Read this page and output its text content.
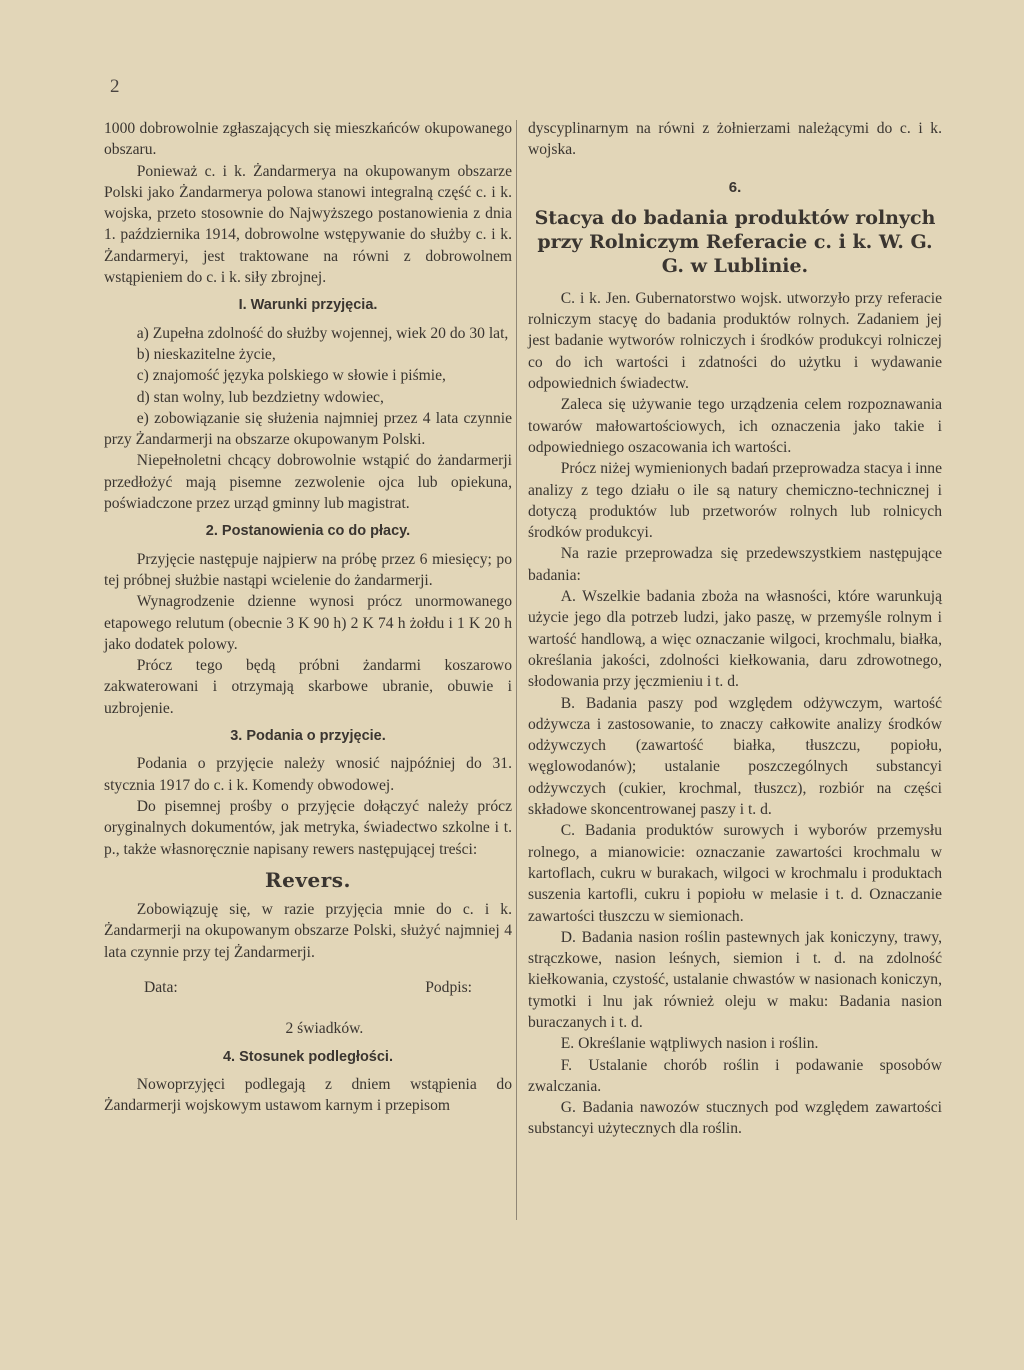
2

1000 dobrowolnie zgłaszających się mieszkańców okupowanego obszaru.

Ponieważ c. i k. Żandarmerya na okupowanym obszarze Polski jako Żandarmerya polowa stanowi integralną część c. i k. wojska, przeto stosownie do Najwyższego postanowienia z dnia 1. października 1914, dobrowolne wstępywanie do służby c. i k. Żandarmeryi, jest traktowane na równi z dobrowolnem wstąpieniem do c. i k. siły zbrojnej.

I. Warunki przyjęcia.

a) Zupełna zdolność do służby wojennej, wiek 20 do 30 lat,

b) nieskazitelne życie,

c) znajomość języka polskiego w słowie i piśmie,

d) stan wolny, lub bezdzietny wdowiec,

e) zobowiązanie się służenia najmniej przez 4 lata czynnie przy Żandarmerji na obszarze okupowanym Polski.

Niepełnoletni chcący dobrowolnie wstąpić do żandarmerji przedłożyć mają pisemne zezwolenie ojca lub opiekuna, poświadczone przez urząd gminny lub magistrat.

2. Postanowienia co do płacy.

Przyjęcie następuje najpierw na próbę przez 6 miesięcy; po tej próbnej służbie nastąpi wcielenie do żandarmerji.

Wynagrodzenie dzienne wynosi prócz unormowanego etapowego relutum (obecnie 3 K 90 h) 2 K 74 h żołdu i 1 K 20 h jako dodatek polowy.

Prócz tego będą próbni żandarmi koszarowo zakwaterowani i otrzymają skarbowe ubranie, obuwie i uzbrojenie.

3. Podania o przyjęcie.

Podania o przyjęcie należy wnosić najpóźniej do 31. stycznia 1917 do c. i k. Komendy obwodowej.

Do pisemnej prośby o przyjęcie dołączyć należy prócz oryginalnych dokumentów, jak metryka, świadectwo szkolne i t. p., także własnoręcznie napisany rewers następującej treści:

Revers.

Zobowiązuję się, w razie przyjęcia mnie do c. i k. Żandarmerji na okupowanym obszarze Polski, służyć najmniej 4 lata czynnie przy tej Żandarmerji.

Data:	Podpis:

2 świadków.

4. Stosunek podległości.

Nowoprzyjęci podlegają z dniem wstąpienia do Żandarmerji wojskowym ustawom karnym i przepisom

dyscyplinarnym na równi z żołnierzami należącymi do c. i k. wojska.

6.
Stacya do badania produktów rolnych przy Rolniczym Referacie c. i k. W. G. G. w Lublinie.

C. i k. Jen. Gubernatorstwo wojsk. utworzyło przy referacie rolniczym stacyę do badania produktów rolnych. Zadaniem jej jest badanie wytworów rolniczych i środków produkcyi rolniczej co do ich wartości i zdatności do użytku i wydawanie odpowiednich świadectw.

Zaleca się używanie tego urządzenia celem rozpoznawania towarów małowartościowych, ich oznaczenia jako takie i odpowiedniego oszacowania ich wartości.

Prócz niżej wymienionych badań przeprowadza stacya i inne analizy z tego działu o ile są natury chemiczno-technicznej i dotyczą produktów lub przetworów rolnych lub rolnicych środków produkcyi.

Na razie przeprowadza się przedewszystkiem następujące badania:

A. Wszelkie badania zboża na własności, które warunkują użycie jego dla potrzeb ludzi, jako paszę, w przemyśle rolnym i wartość handlową, a więc oznaczanie wilgoci, krochmalu, białka, określania jakości, zdolności kiełkowania, daru zdrowotnego, słodowania przy jęczmieniu i t. d.

B. Badania paszy pod względem odżywczym, wartość odżywcza i zastosowanie, to znaczy całkowite analizy środków odżywczych (zawartość białka, tłuszczu, popiołu, węglowodanów); ustalanie poszczególnych substancyi odżywczych (cukier, krochmal, tłuszcz), rozbiór na części składowe skoncentrowanej paszy i t. d.

C. Badania produktów surowych i wyborów przemysłu rolnego, a mianowicie: oznaczanie zawartości krochmalu w kartoflach, cukru w burakach, wilgoci w krochmalu i produktach suszenia kartofli, cukru i popiołu w melasie i t. d. Oznaczanie zawartości tłuszczu w siemionach.

D. Badania nasion roślin pastewnych jak koniczyny, trawy, strączkowe, nasion leśnych, siemion i t. d. na zdolność kiełkowania, czystość, ustalanie chwastów w nasionach koniczyn, tymotki i lnu jak również oleju w maku: Badania nasion buraczanych i t. d.

E. Określanie wątpliwych nasion i roślin.

F. Ustalanie chorób roślin i podawanie sposobów zwalczania.

G. Badania nawozów stucznych pod względem zawartości substancyi użytecznych dla roślin.
